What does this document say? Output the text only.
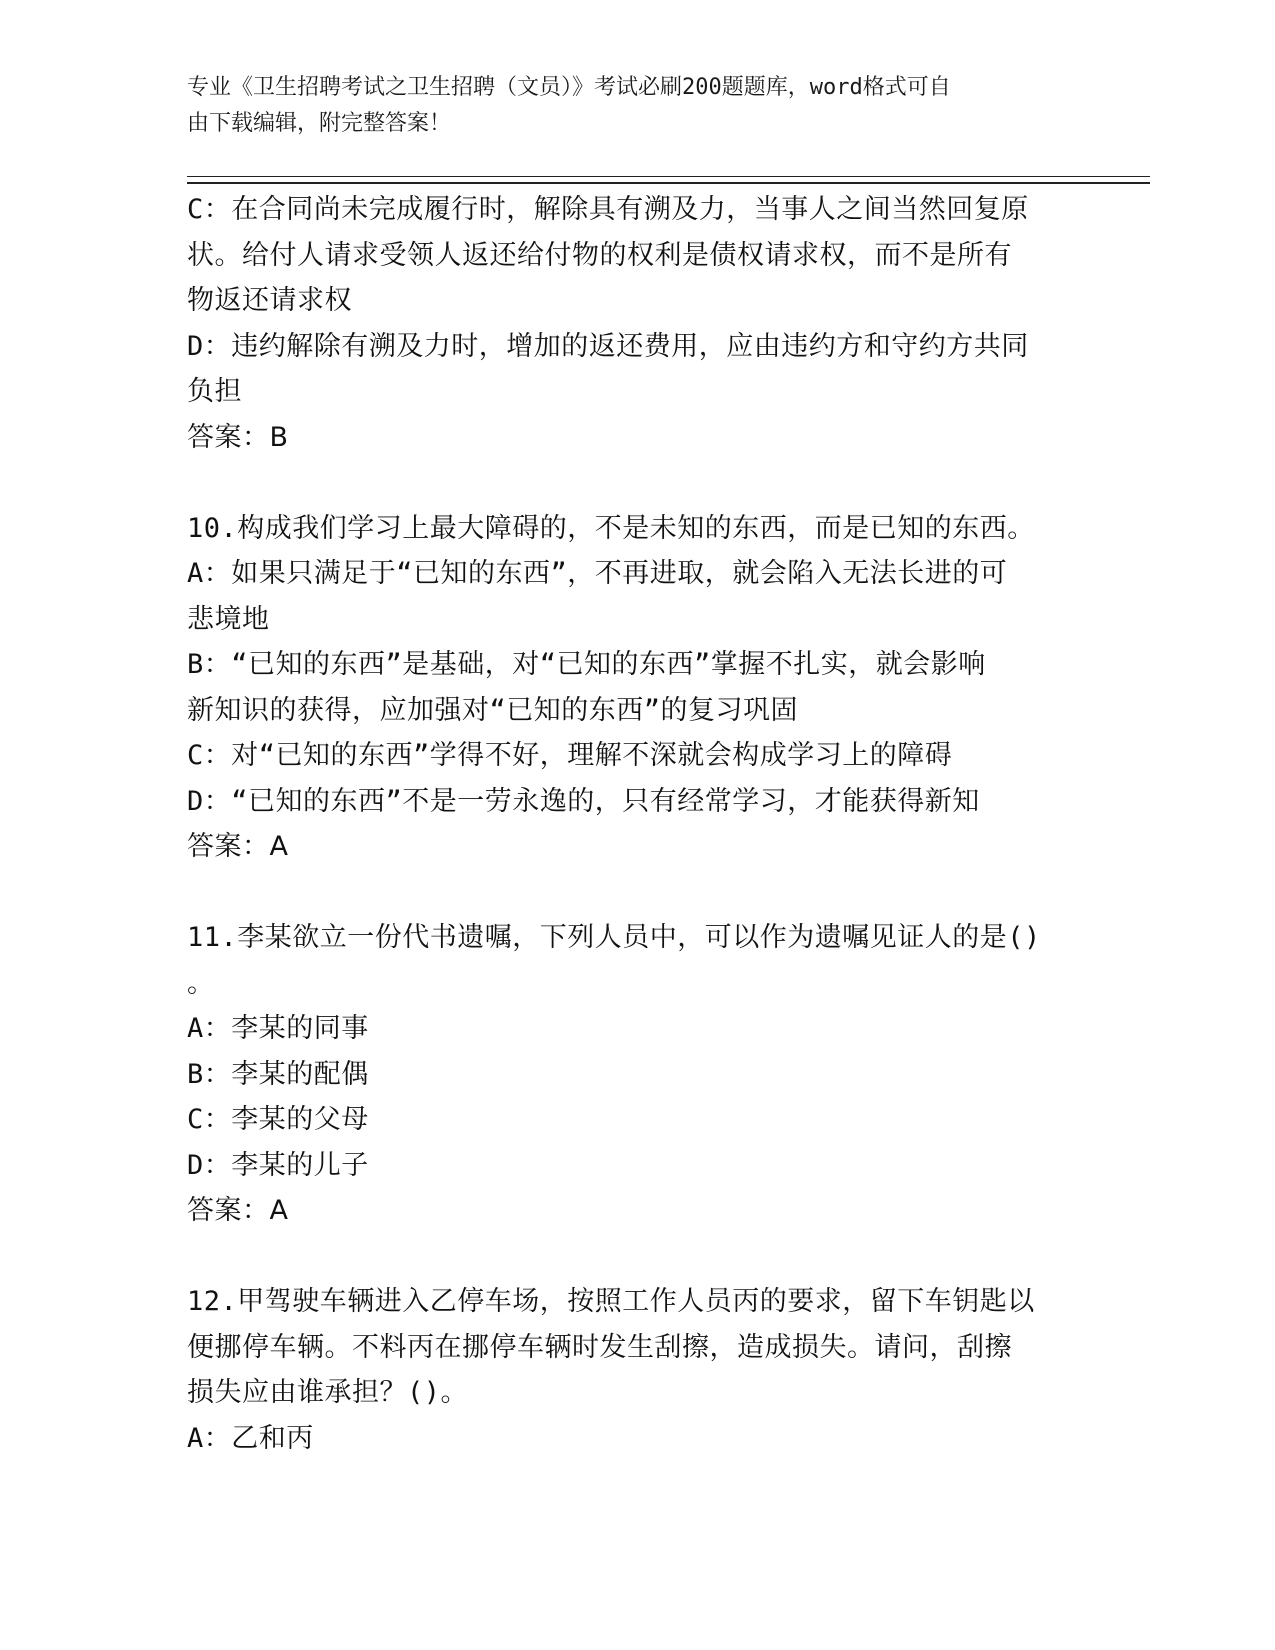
专业《卫生招聘考试之卫生招聘（文员）》考试必刷200题题库，word格式可自

由下载编辑，附完整答案！

C：在合同尚未完成履行时，解除具有溯及力，当事人之间当然回复原

状。给付人请求受领人返还给付物的权利是债权请求权，而不是所有

物返还请求权

D：违约解除有溯及力时，增加的返还费用，应由违约方和守约方共同

负担

答案：B

10.构成我们学习上最大障碍的，不是未知的东西，而是已知的东西。

A：如果只满足于“已知的东西”，不再进取，就会陷入无法长进的可

悲境地

B：“已知的东西”是基础，对“已知的东西”掌握不扎实，就会影响

新知识的获得，应加强对“已知的东西”的复习巩固

C：对“已知的东西”学得不好，理解不深就会构成学习上的障碍

D：“已知的东西”不是一劳永逸的，只有经常学习，才能获得新知

答案：A

11.李某欲立一份代书遗嘱，下列人员中，可以作为遗嘱见证人的是()

。

A：李某的同事

B：李某的配偶

C：李某的父母

D：李某的儿子

答案：A

12.甲驾驶车辆进入乙停车场，按照工作人员丙的要求，留下车钥匙以

便挪停车辆。不料丙在挪停车辆时发生刮擦，造成损失。请问，刮擦

损失应由谁承担？()。

A：乙和丙
